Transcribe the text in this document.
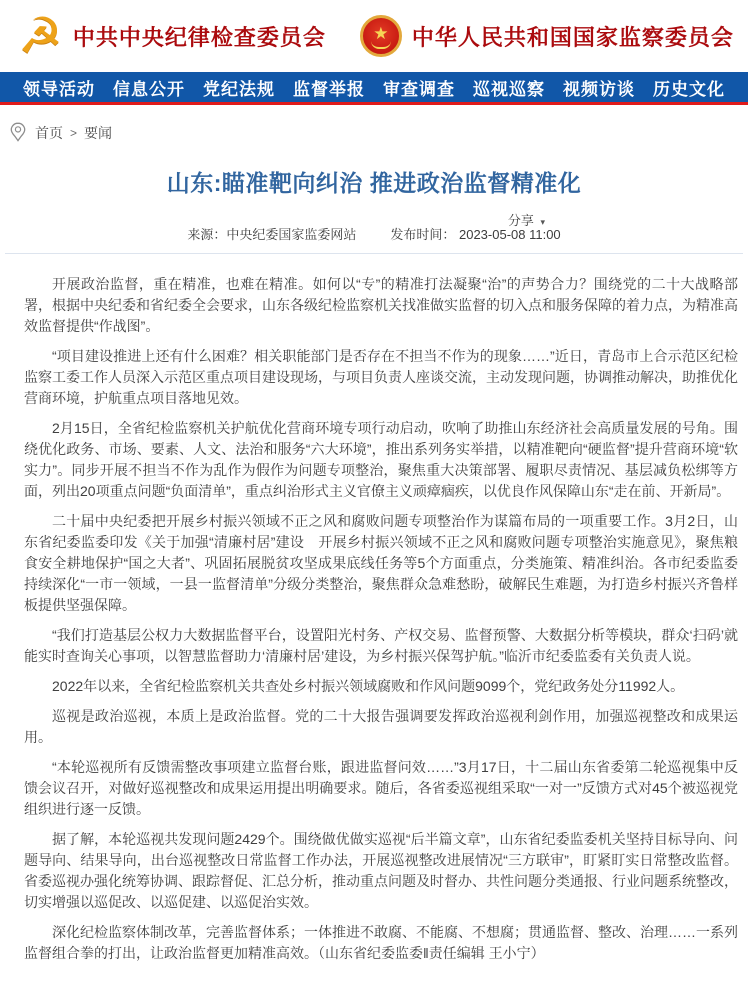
☭ 中共中央纪律检查委员会	★ 中华人民共和国国家监察委员会
领导活动 信息公开 党纪法规 监督举报 审查调查 巡视巡察 视频访谈 历史文化
首页 > 要闻
山东:瞄准靶向纠治 推进政治监督精准化
分享 ▾
来源：中央纪委国家监委网站	发布时间： 2023-05-08 11:00

开展政治监督，重在精准，也难在精准。如何以“专”的精准打法凝聚“治”的声势合力？围绕党的二十大战略部署，根据中央纪委和省纪委全会要求，山东各级纪检监察机关找准做实监督的切入点和服务保障的着力点，为精准高效监督提供“作战图”。

“项目建设推进上还有什么困难？相关职能部门是否存在不担当不作为的现象……”近日，青岛市上合示范区纪检监察工委工作人员深入示范区重点项目建设现场，与项目负责人座谈交流，主动发现问题，协调推动解决，助推优化营商环境，护航重点项目落地见效。

2月15日，全省纪检监察机关护航优化营商环境专项行动启动，吹响了助推山东经济社会高质量发展的号角。围绕优化政务、市场、要素、人文、法治和服务“六大环境”，推出系列务实举措，以精准靶向“硬监督”提升营商环境“软实力”。同步开展不担当不作为乱作为假作为问题专项整治，聚焦重大决策部署、履职尽责情况、基层减负松绑等方面，列出20项重点问题“负面清单”，重点纠治形式主义官僚主义顽瘴痼疾，以优良作风保障山东“走在前、开新局”。

二十届中央纪委把开展乡村振兴领域不正之风和腐败问题专项整治作为谋篇布局的一项重要工作。3月2日，山东省纪委监委印发《关于加强“清廉村居”建设　开展乡村振兴领域不正之风和腐败问题专项整治实施意见》，聚焦粮食安全耕地保护“国之大者”、巩固拓展脱贫攻坚成果底线任务等5个方面重点，分类施策、精准纠治。各市纪委监委持续深化“一市一领域，一县一监督清单”分级分类整治，聚焦群众急难愁盼，破解民生难题，为打造乡村振兴齐鲁样板提供坚强保障。

“我们打造基层公权力大数据监督平台，设置阳光村务、产权交易、监督预警、大数据分析等模块，群众‘扫码’就能实时查询关心事项，以智慧监督助力‘清廉村居’建设，为乡村振兴保驾护航。”临沂市纪委监委有关负责人说。

2022年以来，全省纪检监察机关共查处乡村振兴领域腐败和作风问题9099个，党纪政务处分11992人。

巡视是政治巡视，本质上是政治监督。党的二十大报告强调要发挥政治巡视利剑作用，加强巡视整改和成果运用。

“本轮巡视所有反馈需整改事项建立监督台账，跟进监督问效……”3月17日，十二届山东省委第二轮巡视集中反馈会议召开，对做好巡视整改和成果运用提出明确要求。随后，各省委巡视组采取“一对一”反馈方式对45个被巡视党组织进行逐一反馈。

据了解，本轮巡视共发现问题2429个。围绕做优做实巡视“后半篇文章”，山东省纪委监委机关坚持目标导向、问题导向、结果导向，出台巡视整改日常监督工作办法，开展巡视整改进展情况“三方联审”，盯紧盯实日常整改监督。省委巡视办强化统筹协调、跟踪督促、汇总分析，推动重点问题及时督办、共性问题分类通报、行业问题系统整改，切实增强以巡促改、以巡促建、以巡促治实效。

深化纪检监察体制改革，完善监督体系；一体推进不敢腐、不能腐、不想腐；贯通监督、整改、治理……一系列监督组合拳的打出，让政治监督更加精准高效。（山东省纪委监委‖责任编辑 王小宁）
